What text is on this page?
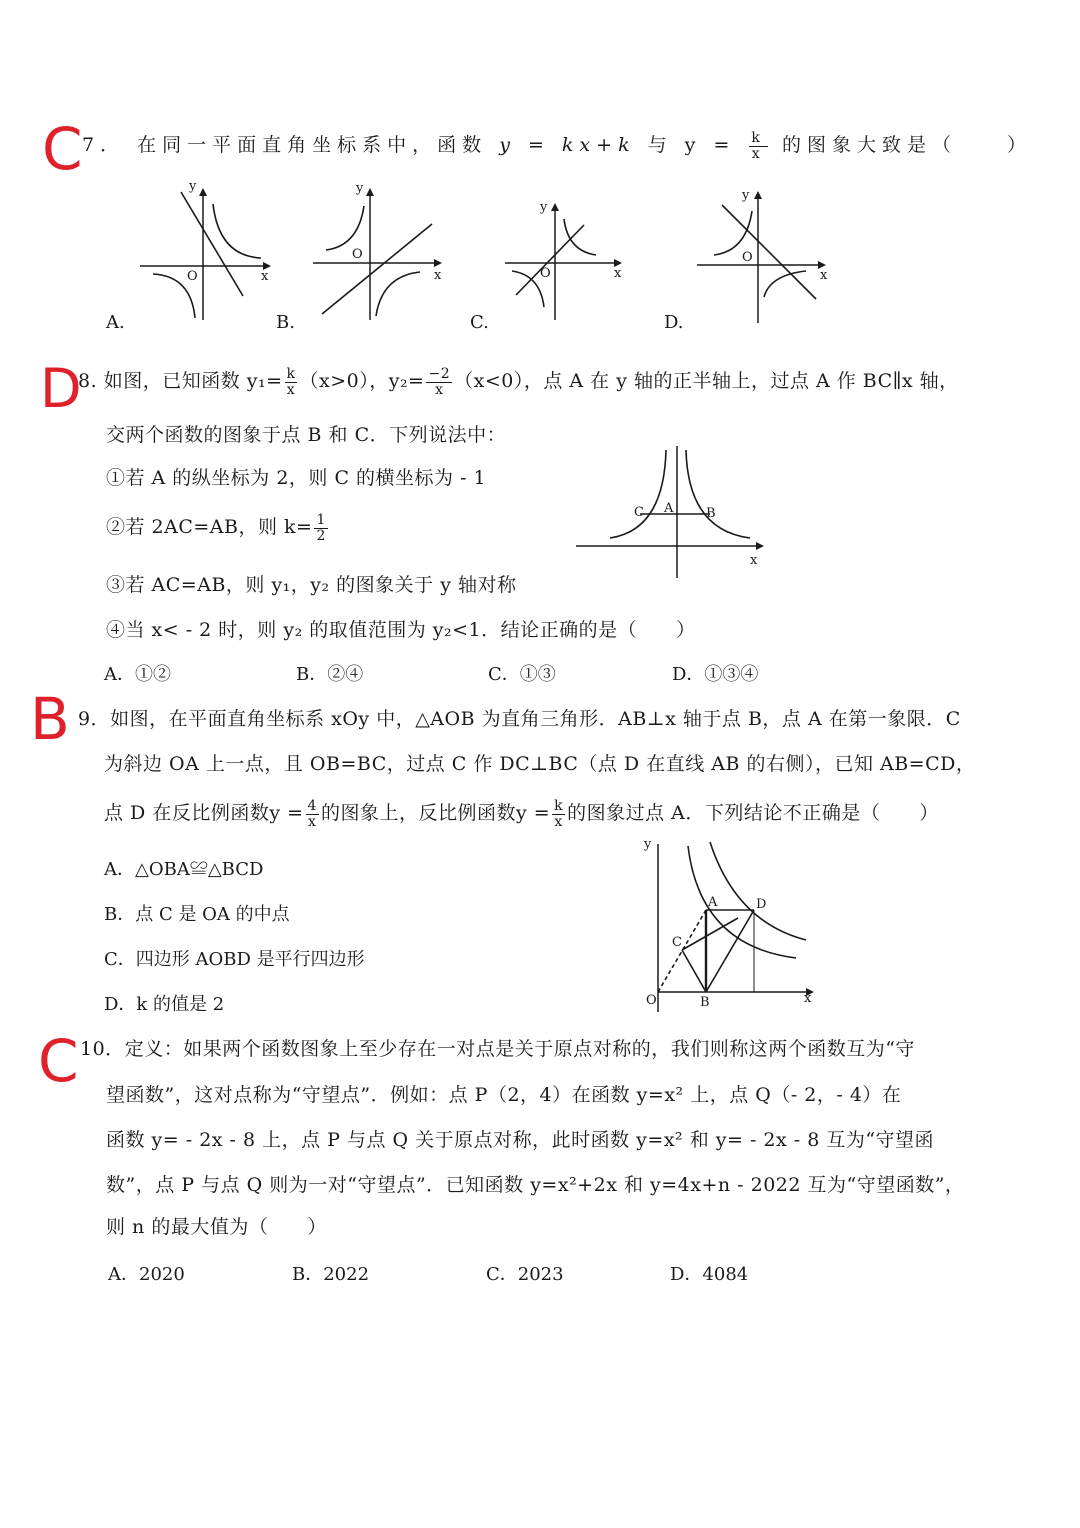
C 7． 在同一平面直角坐标系中，函数 y = kx+k 与 $y = \frac{k}{x}$ 的图象大致是（　　）
y
x
O
A.
y
x
O
B.
y
x
O
C.
y
x
O
D.
D
8. 如图，已知函数 $y_1= \frac{k}{x} (x>0)$，$y_2= \frac{-2}{x} (x<0)$，点 A 在 y 轴的正半轴上，过点 A 作 BC∥x 轴，
交两个函数的图象于点 B 和 C．下列说法中：
①若 A 的纵坐标为 2，则 C 的横坐标为 - 1
②若 2AC=AB，则 $k= \frac{1}{2}$
③若 AC=AB，则 y₁，y₂ 的图象关于 y 轴对称
④当 x< - 2 时，则 y₂ 的取值范围为 y₂<1．结论正确的是（　　）
C A	B
x
A．①②	B．②④	C．①③	D．①③④
B 9．如图，在平面直角坐标系 xOy 中，△AOB 为直角三角形．AB⊥x 轴于点 B，点 A 在第一象限．C
为斜边 OA 上一点，且 OB=BC，过点 C 作 DC⊥BC（点 D 在直线 AB 的右侧），已知 AB=CD，
点 D 在反比例函数$y = \frac{4}{x}$ 的图象上，反比例函数$y = \frac{k}{x}$ 的图象过点 A．下列结论不正确是（　　）
A．△OBA≌△BCD
B．点 C 是 OA 的中点
C．四边形 AOBD 是平行四边形
D．k 的值是 2
y
A	D
C
O	B	x
C 10．定义：如果两个函数图象上至少存在一对点是关于原点对称的，我们则称这两个函数互为“守
望函数”，这对点称为“守望点”．例如：点 P（2，4）在函数 y=x² 上，点 Q（- 2，- 4）在
函数 y= - 2x - 8 上，点 P 与点 Q 关于原点对称，此时函数 y=x² 和 y= - 2x - 8 互为“守望函
数”，点 P 与点 Q 则为一对“守望点”．已知函数 y=x²+2x 和 y=4x+n - 2022 互为“守望函数”，
则 n 的最大值为（　　）
A．2020	B．2022	C．2023	D．4084
